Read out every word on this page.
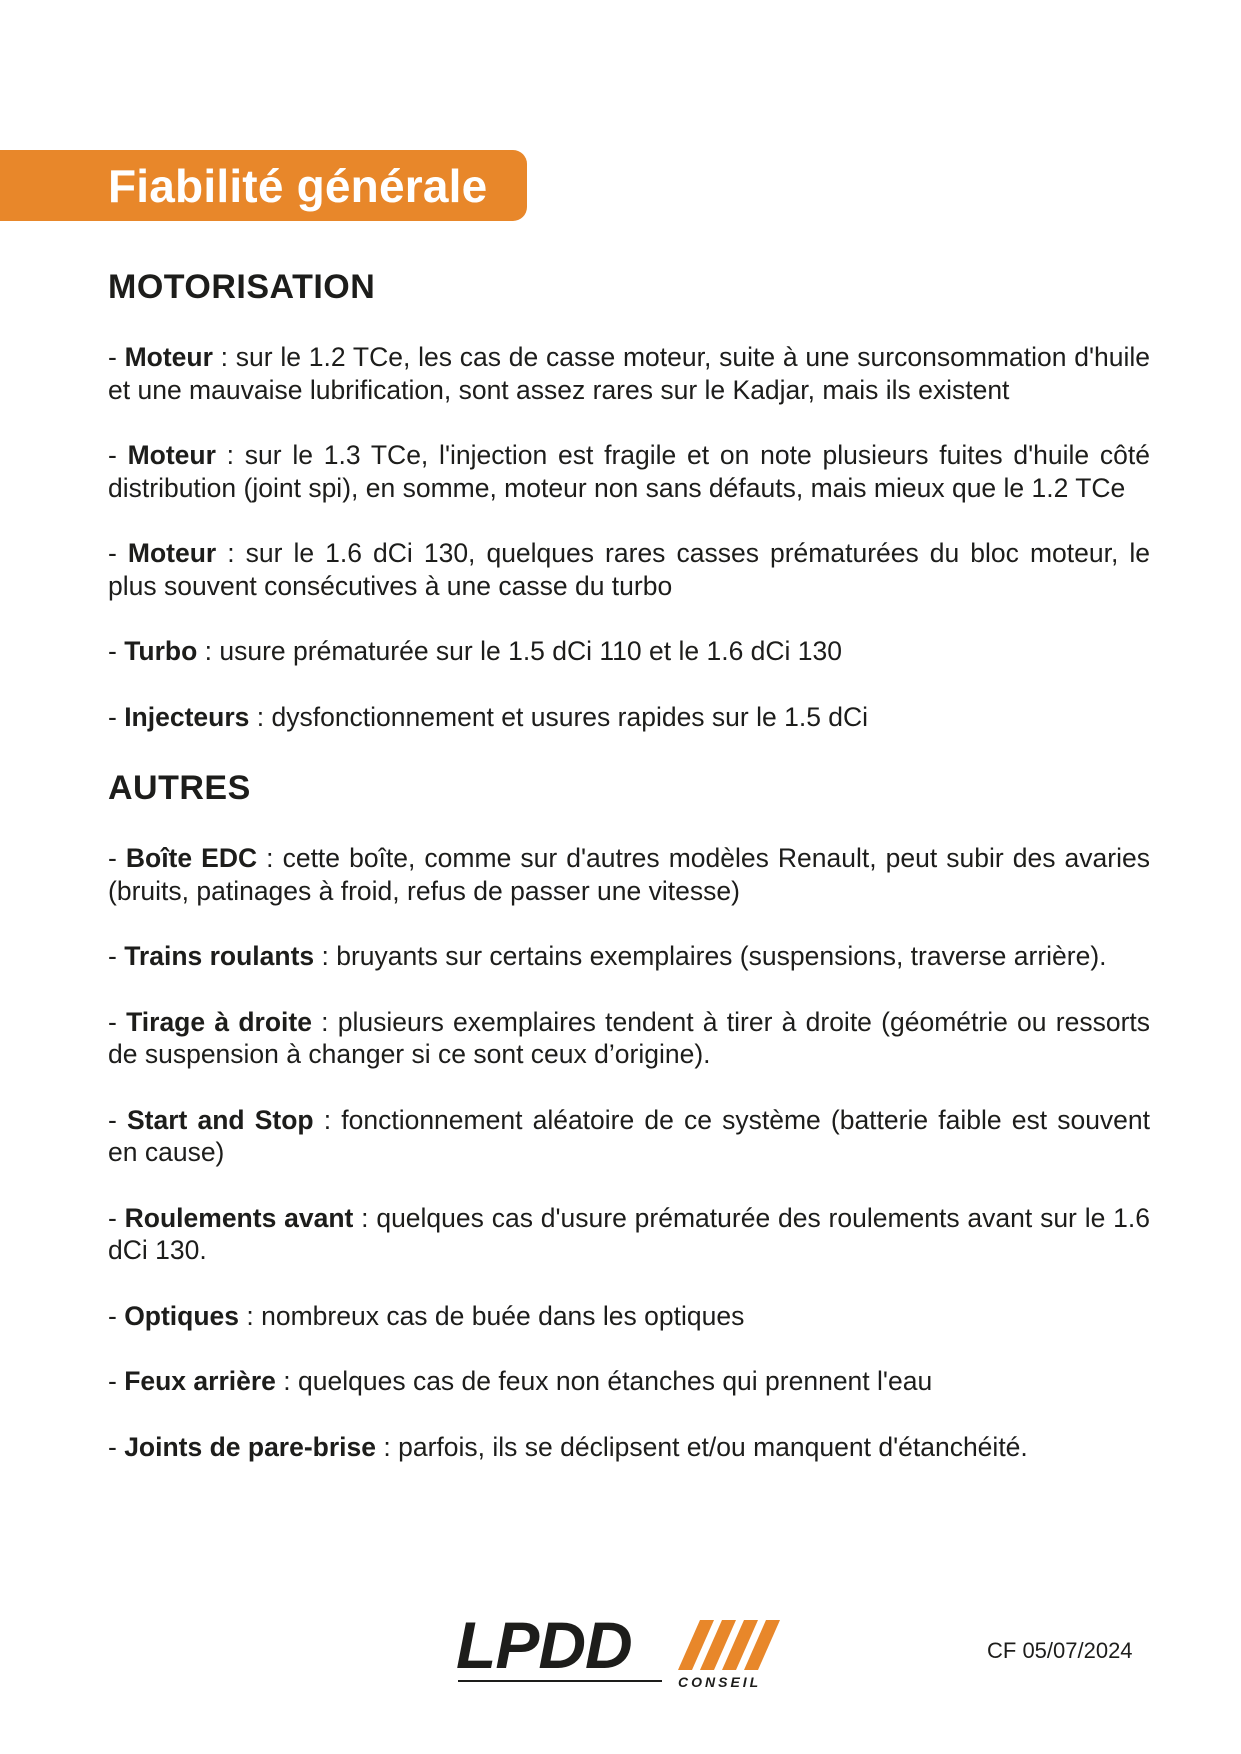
Fiabilité générale
MOTORISATION

- Moteur : sur le 1.2 TCe, les cas de casse moteur, suite à une surconsommation d'huile et une mauvaise lubrification, sont assez rares sur le Kadjar, mais ils existent

- Moteur : sur le 1.3 TCe, l'injection est fragile et on note plusieurs fuites d'huile côté distribution (joint spi), en somme, moteur non sans défauts, mais mieux que le 1.2 TCe

- Moteur : sur le 1.6 dCi 130, quelques rares casses prématurées du bloc moteur, le plus souvent consécutives à une casse du turbo

- Turbo : usure prématurée sur le 1.5 dCi 110 et le 1.6 dCi 130

- Injecteurs : dysfonctionnement et usures rapides sur le 1.5 dCi

AUTRES

- Boîte EDC : cette boîte, comme sur d'autres modèles Renault, peut subir des avaries (bruits, patinages à froid, refus de passer une vitesse)

- Trains roulants : bruyants sur certains exemplaires (suspensions, traverse arrière).

- Tirage à droite : plusieurs exemplaires tendent à tirer à droite (géométrie ou ressorts de suspension à changer si ce sont ceux d’origine).

- Start and Stop : fonctionnement aléatoire de ce système (batterie faible est souvent en cause)

- Roulements avant : quelques cas d'usure prématurée des roulements avant sur le 1.6 dCi 130.

- Optiques : nombreux cas de buée dans les optiques

- Feux arrière : quelques cas de feux non étanches qui prennent l'eau

- Joints de pare-brise : parfois, ils se déclipsent et/ou manquent d'étanchéité.

LPDD	CONSEIL
CF 05/07/2024
